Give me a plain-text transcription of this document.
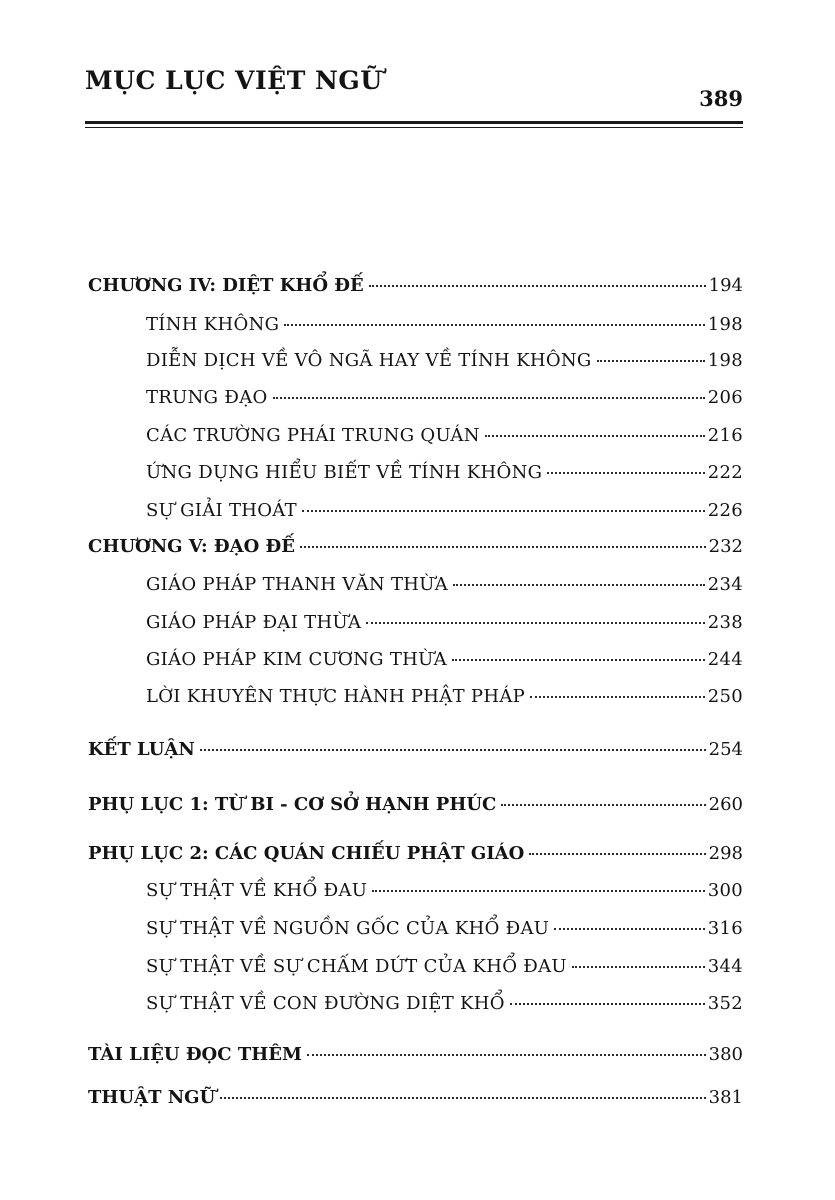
MỤC LỤC VIỆT NGỮ
389
CHƯƠNG IV: DIỆT KHỔ ĐẾ	194
TÍNH KHÔNG	198
DIỄN DỊCH VỀ VÔ NGÃ HAY VỀ TÍNH KHÔNG	198
TRUNG ĐẠO	206
CÁC TRƯỜNG PHÁI TRUNG QUÁN	216
ỨNG DỤNG HIỂU BIẾT VỀ TÍNH KHÔNG	222
SỰ GIẢI THOÁT	226
CHƯƠNG V: ĐẠO ĐẾ	232
GIÁO PHÁP THANH VĂN THỪA	234
GIÁO PHÁP ĐẠI THỪA	238
GIÁO PHÁP KIM CƯƠNG THỪA	244
LỜI KHUYÊN THỰC HÀNH PHẬT PHÁP	250
KẾT LUẬN	254
PHỤ LỤC 1: TỪ BI - CƠ SỞ HẠNH PHÚC	260
PHỤ LỤC 2: CÁC QUÁN CHIẾU PHẬT GIÁO	298
SỰ THẬT VỀ KHỔ ĐAU	300
SỰ THẬT VỀ NGUỒN GỐC CỦA KHỔ ĐAU	316
SỰ THẬT VỀ SỰ CHẤM DỨT CỦA KHỔ ĐAU	344
SỰ THẬT VỀ CON ĐƯỜNG DIỆT KHỔ	352
TÀI LIỆU ĐỌC THÊM	380
THUẬT NGỮ	381
